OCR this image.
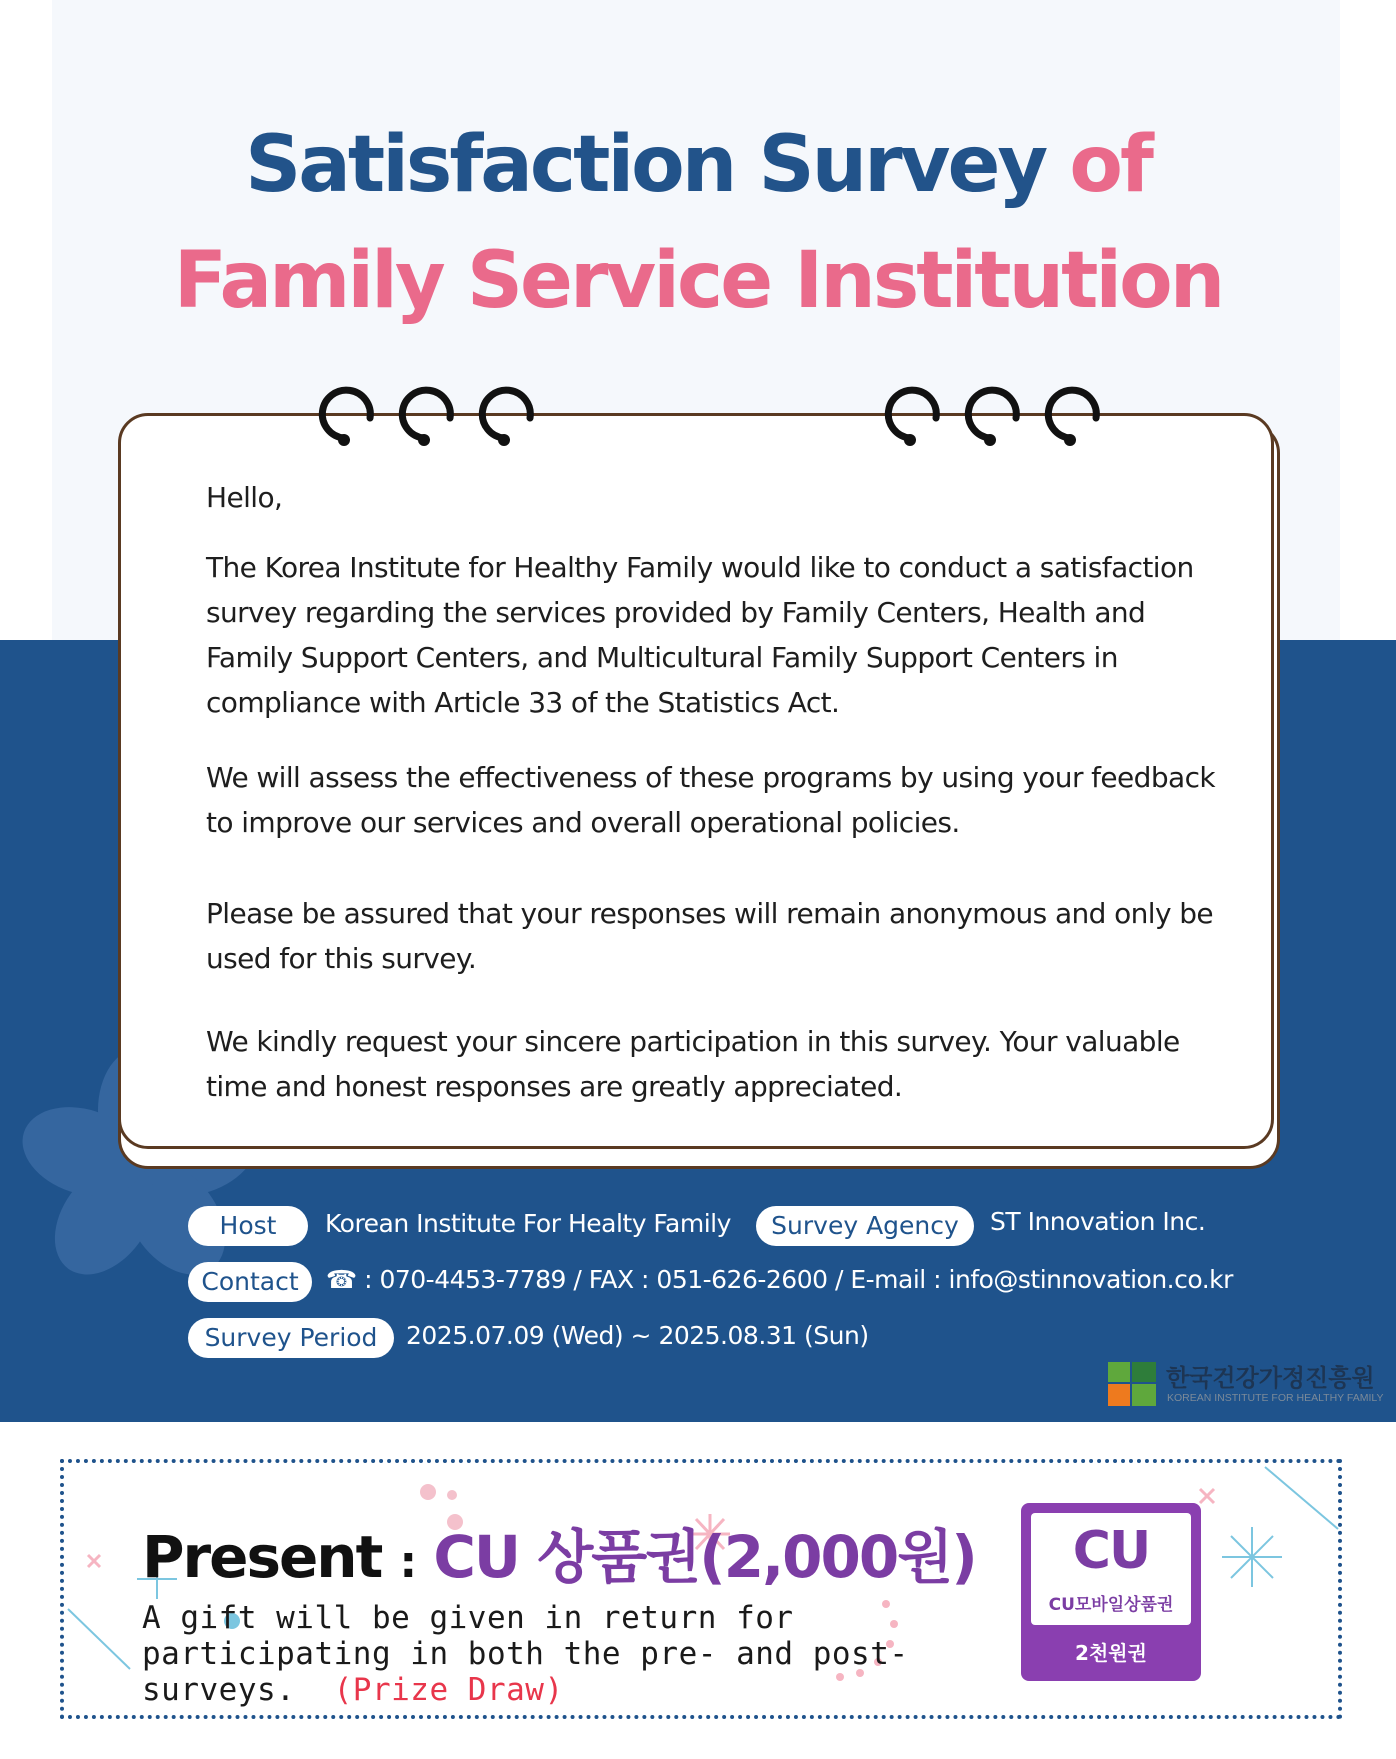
Satisfaction Survey of
Family Service Institution

Hello,

The Korea Institute for Healthy Family would like to conduct a satisfaction survey regarding the services provided by Family Centers, Health and Family Support Centers, and Multicultural Family Support Centers in compliance with Article 33 of the Statistics Act.

We will assess the effectiveness of these programs by using your feedback to improve our services and overall operational policies.

Please be assured that your responses will remain anonymous and only be used for this survey.

We kindly request your sincere participation in this survey. Your valuable time and honest responses are greatly appreciated.

Host	Korean Institute For Healty Family	Survey Agency	ST Innovation Inc.
Contact	☎ : 070-4453-7789 / FAX : 051-626-2600 / E-mail : info@stinnovation.co.kr
Survey Period	2025.07.09 (Wed) ~ 2025.08.31 (Sun)
한국건강가정진흥원
KOREAN INSTITUTE FOR HEALTHY FAMILY
Present : CU 상품권(2,000원)

A gift will be given in return for participating in both the pre- and post-surveys. (Prize Draw)

CU
CU모바일상품권
2천원권
